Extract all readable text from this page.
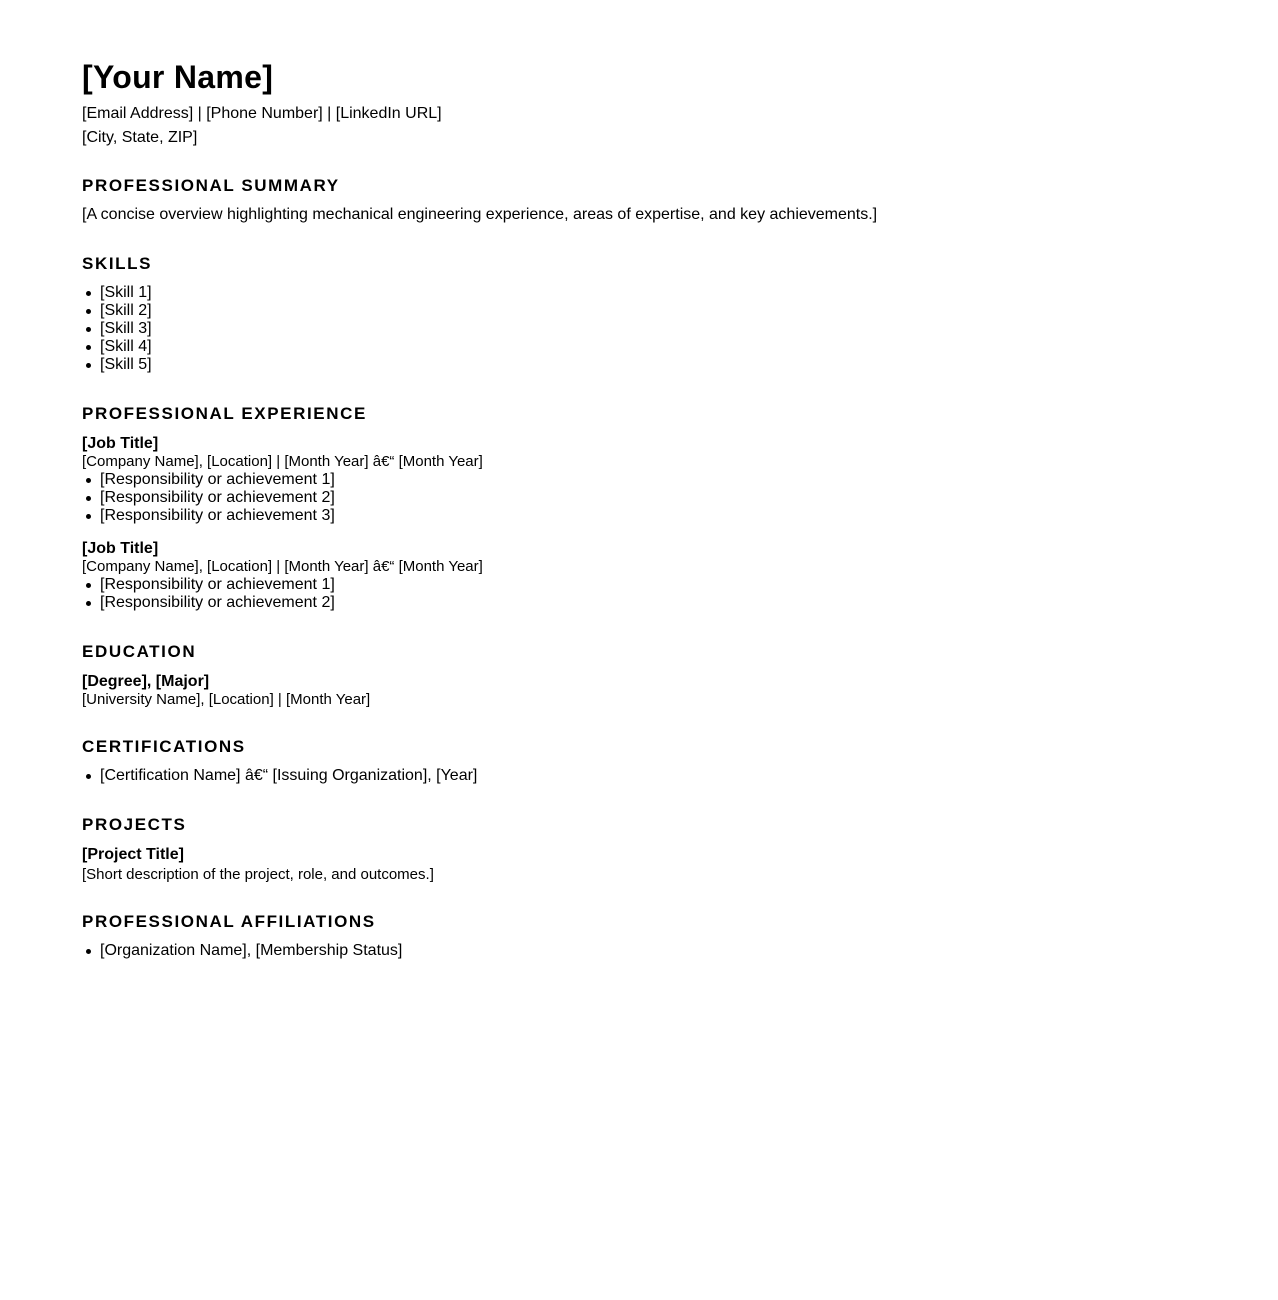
[Your Name]
[Email Address] | [Phone Number] | [LinkedIn URL]
[City, State, ZIP]
PROFESSIONAL SUMMARY
[A concise overview highlighting mechanical engineering experience, areas of expertise, and key achievements.]
SKILLS
[Skill 1]
[Skill 2]
[Skill 3]
[Skill 4]
[Skill 5]
PROFESSIONAL EXPERIENCE
[Job Title]
[Company Name], [Location] | [Month Year] â€“ [Month Year]
[Responsibility or achievement 1]
[Responsibility or achievement 2]
[Responsibility or achievement 3]
[Job Title]
[Company Name], [Location] | [Month Year] â€“ [Month Year]
[Responsibility or achievement 1]
[Responsibility or achievement 2]
EDUCATION
[Degree], [Major]
[University Name], [Location] | [Month Year]
CERTIFICATIONS
[Certification Name] â€“ [Issuing Organization], [Year]
PROJECTS
[Project Title]
[Short description of the project, role, and outcomes.]
PROFESSIONAL AFFILIATIONS
[Organization Name], [Membership Status]
